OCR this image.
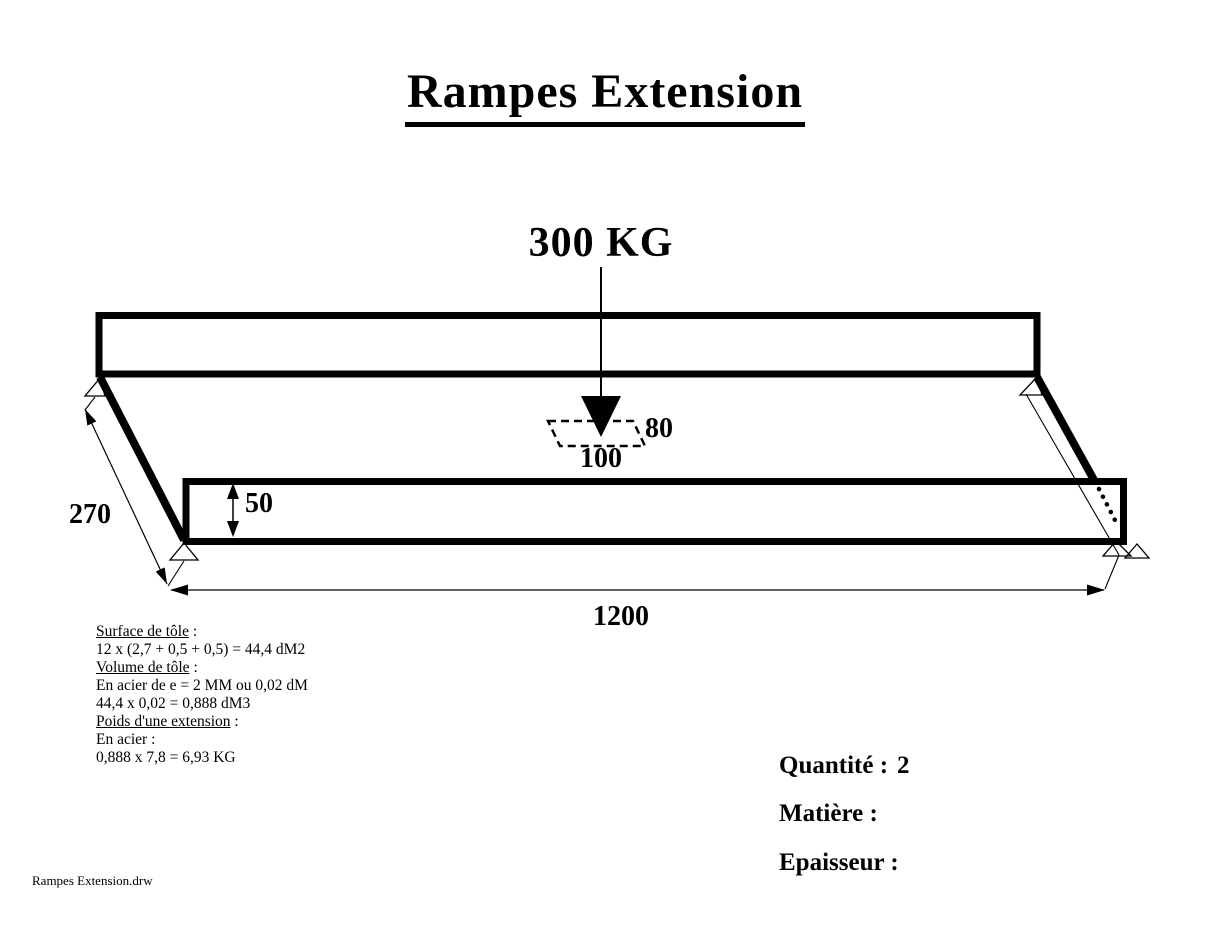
Rampes Extension
300 KG
80
100
50
270
1200
Surface de tôle :
12 x (2,7 + 0,5 + 0,5) = 44,4 dM2
Volume de tôle :
En acier de e = 2 MM ou 0,02 dM
44,4 x 0,02 = 0,888 dM3
Poids d'une extension :
En acier :
0,888 x 7,8 = 6,93 KG	Quantité : 2
Matière :
Epaisseur :
Rampes Extension.drw
